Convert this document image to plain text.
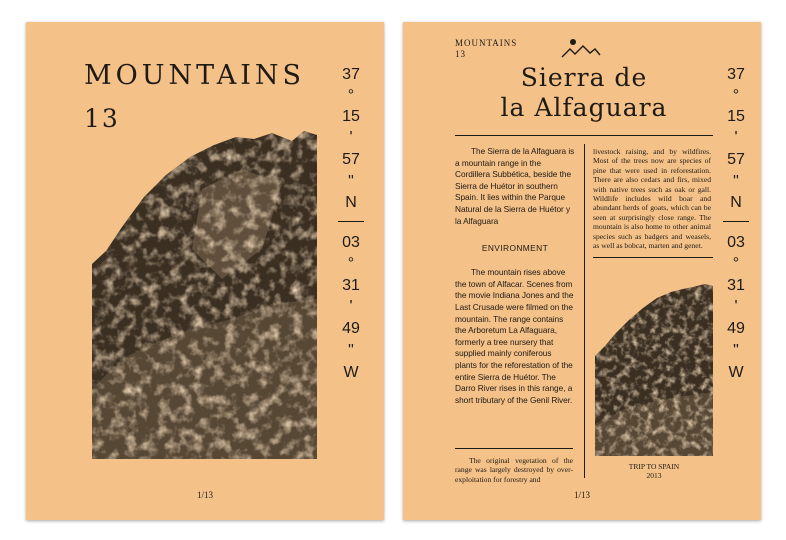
MOUNTAINS
13
37
°
15
'
57
"
N
03
°
31
'
49
"
W
1/13
MOUNTAINS
13
Sierra de
la Alfaguara

The Sierra de la Alfaguara is a mountain range in the Cordillera Subbética, beside the Sierra de Huétor in southern Spain. It lies within the Parque Natural de la Sierra de Huétor y la Alfaguara

ENVIRONMENT

The mountain rises above the town of Alfacar. Scenes from the movie Indiana Jones and the Last Crusade were filmed on the mountain. The range contains the Arboretum La Alfaguara, formerly a tree nursery that supplied mainly coniferous plants for the reforestation of the entire Sierra de Huétor. The Darro River rises in this range, a short tributary of the Genil River.

The original vegetation of the range was largely destroyed by over-exploitation for forestry and

livestock raising, and by wildfires. Most of the trees now are species of pine that were used in reforestation. There are also cedars and firs, mixed with native trees such as oak or gall. Wildlife includes wild boar and abundant herds of goats, which can be seen at surprisingly close range. The mountain is also home to other animal species such as badgers and weasels, as well as bobcat, marten and genet.

TRIP TO SPAIN
2013
37
°
15
'
57
"
N
03
°
31
'
49
"
W
1/13
